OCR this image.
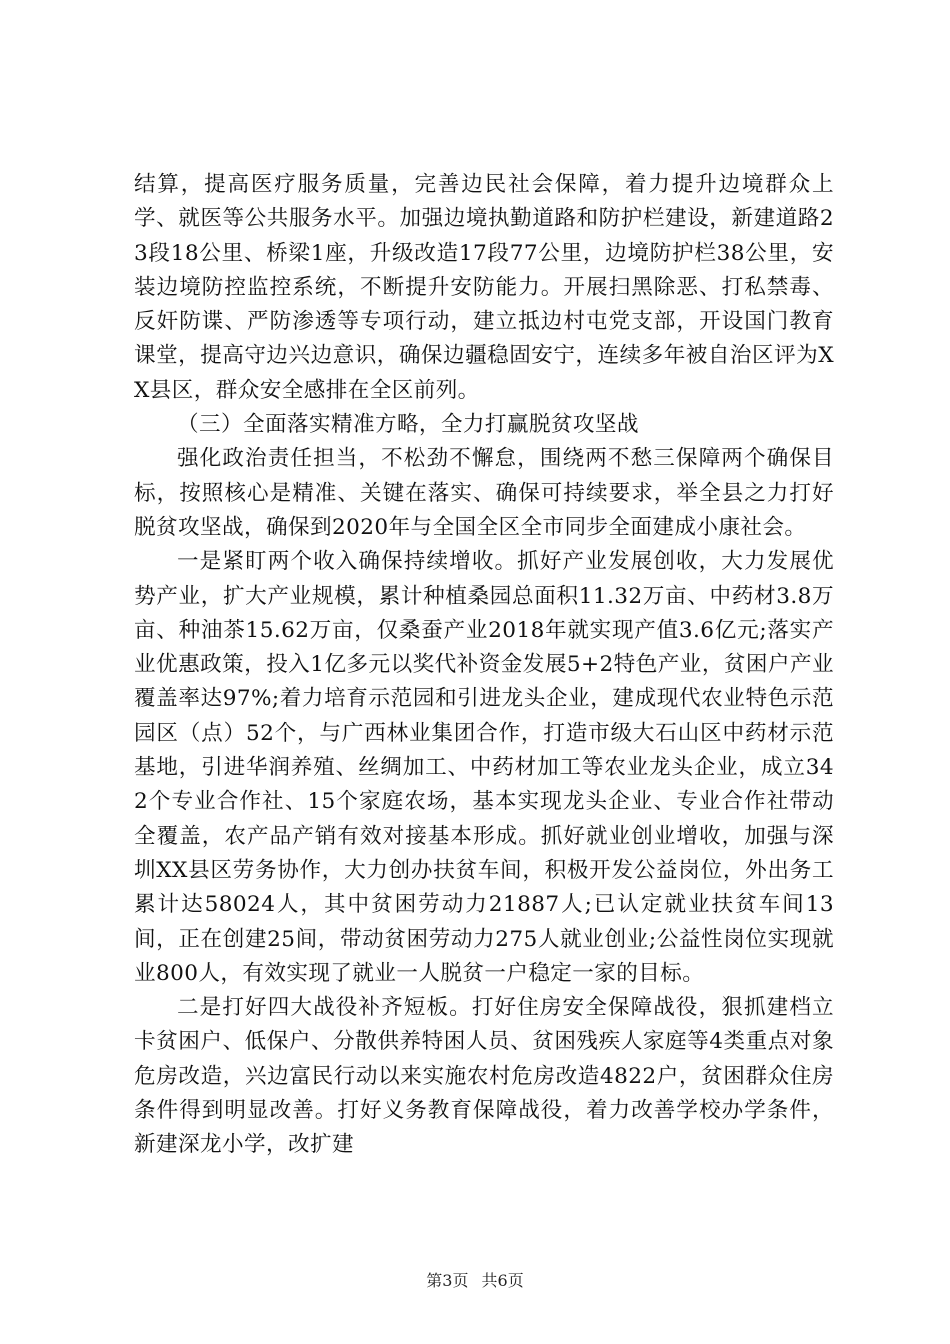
结算，提高医疗服务质量，完善边民社会保障，着力提升边境群众上学、就医等公共服务水平。加强边境执勤道路和防护栏建设，新建道路23段18公里、桥梁1座，升级改造17段77公里，边境防护栏38公里，安装边境防控监控系统，不断提升安防能力。开展扫黑除恶、打私禁毒、反奸防谍、严防渗透等专项行动，建立抵边村屯党支部，开设国门教育课堂，提高守边兴边意识，确保边疆稳固安宁，连续多年被自治区评为XX县区，群众安全感排在全区前列。

（三）全面落实精准方略，全力打赢脱贫攻坚战

强化政治责任担当，不松劲不懈怠，围绕两不愁三保障两个确保目标，按照核心是精准、关键在落实、确保可持续要求，举全县之力打好脱贫攻坚战，确保到2020年与全国全区全市同步全面建成小康社会。

一是紧盯两个收入确保持续增收。抓好产业发展创收，大力发展优势产业，扩大产业规模，累计种植桑园总面积11.32万亩、中药材3.8万亩、种油茶15.62万亩，仅桑蚕产业2018年就实现产值3.6亿元;落实产业优惠政策，投入1亿多元以奖代补资金发展5+2特色产业，贫困户产业覆盖率达97%;着力培育示范园和引进龙头企业，建成现代农业特色示范园区（点）52个，与广西林业集团合作，打造市级大石山区中药材示范基地，引进华润养殖、丝绸加工、中药材加工等农业龙头企业，成立342个专业合作社、15个家庭农场，基本实现龙头企业、专业合作社带动全覆盖，农产品产销有效对接基本形成。抓好就业创业增收，加强与深圳XX县区劳务协作，大力创办扶贫车间，积极开发公益岗位，外出务工累计达58024人，其中贫困劳动力21887人;已认定就业扶贫车间13间，正在创建25间，带动贫困劳动力275人就业创业;公益性岗位实现就业800人，有效实现了就业一人脱贫一户稳定一家的目标。

二是打好四大战役补齐短板。打好住房安全保障战役，狠抓建档立卡贫困户、低保户、分散供养特困人员、贫困残疾人家庭等4类重点对象危房改造，兴边富民行动以来实施农村危房改造4822户，贫困群众住房条件得到明显改善。打好义务教育保障战役，着力改善学校办学条件，新建深龙小学，改扩建

第3页 共6页
